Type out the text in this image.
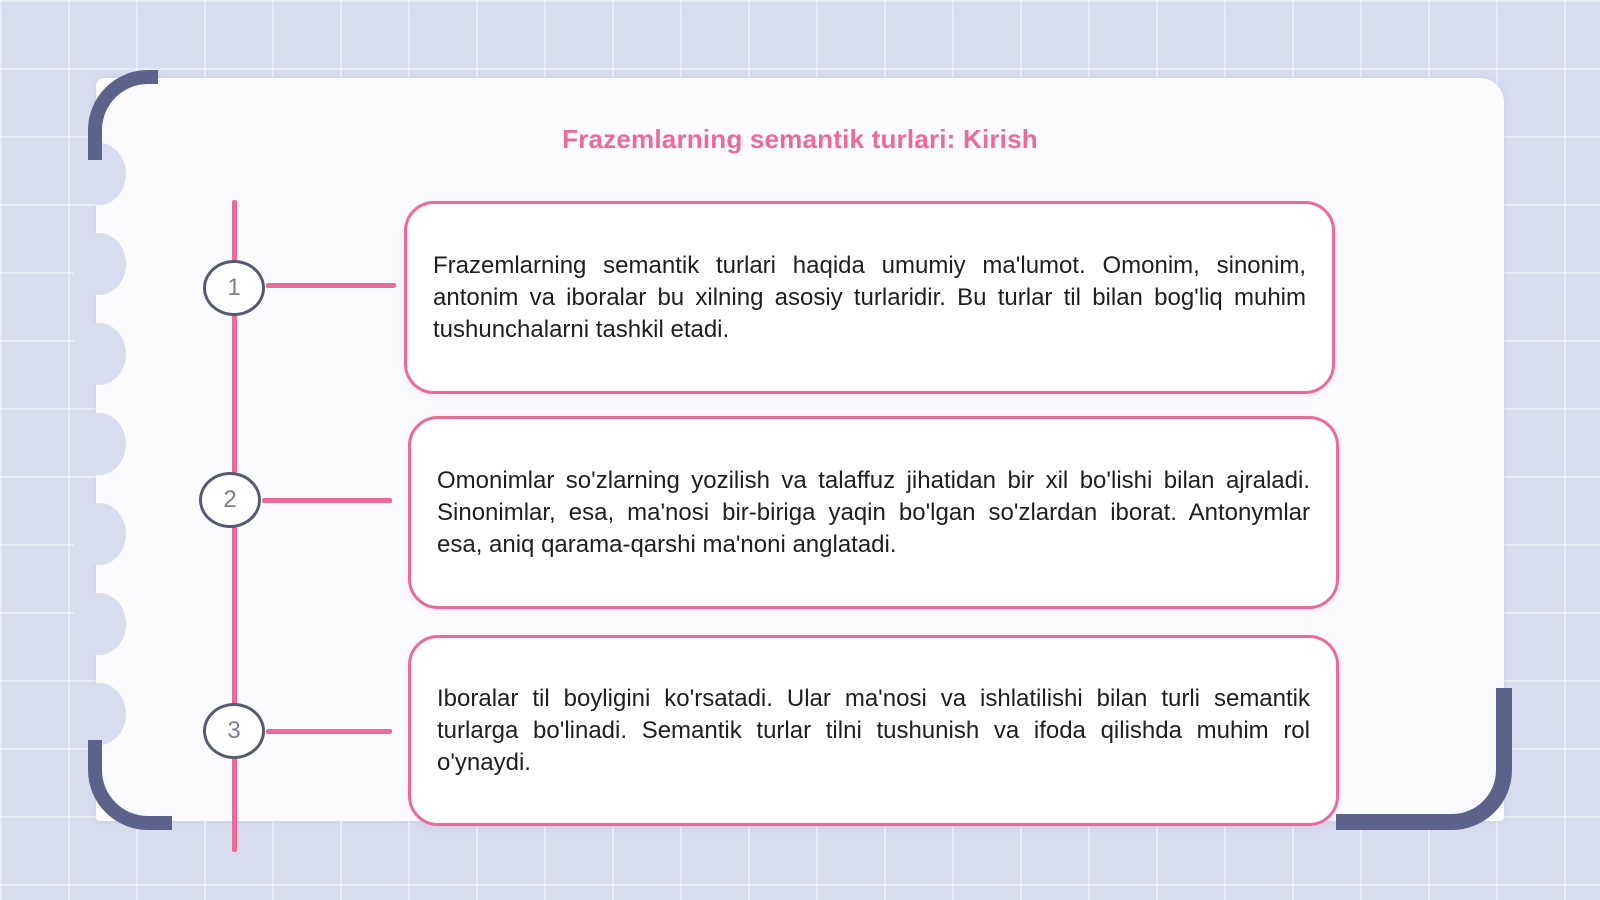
Frazemlarning semantik turlari: Kirish
1
2
3

Frazemlarning semantik turlari haqida umumiy ma'lumot. Omonim, sinonim, antonim va iboralar bu xilning asosiy turlaridir. Bu turlar til bilan bog'liq muhim tushunchalarni tashkil etadi.

Omonimlar so'zlarning yozilish va talaffuz jihatidan bir xil bo'lishi bilan ajraladi. Sinonimlar, esa, ma'nosi bir-biriga yaqin bo'lgan so'zlardan iborat. Antonymlar esa, aniq qarama-qarshi ma'noni anglatadi.

Iboralar til boyligini ko'rsatadi. Ular ma'nosi va ishlatilishi bilan turli semantik turlarga bo'linadi. Semantik turlar tilni tushunish va ifoda qilishda muhim rol o'ynaydi.
